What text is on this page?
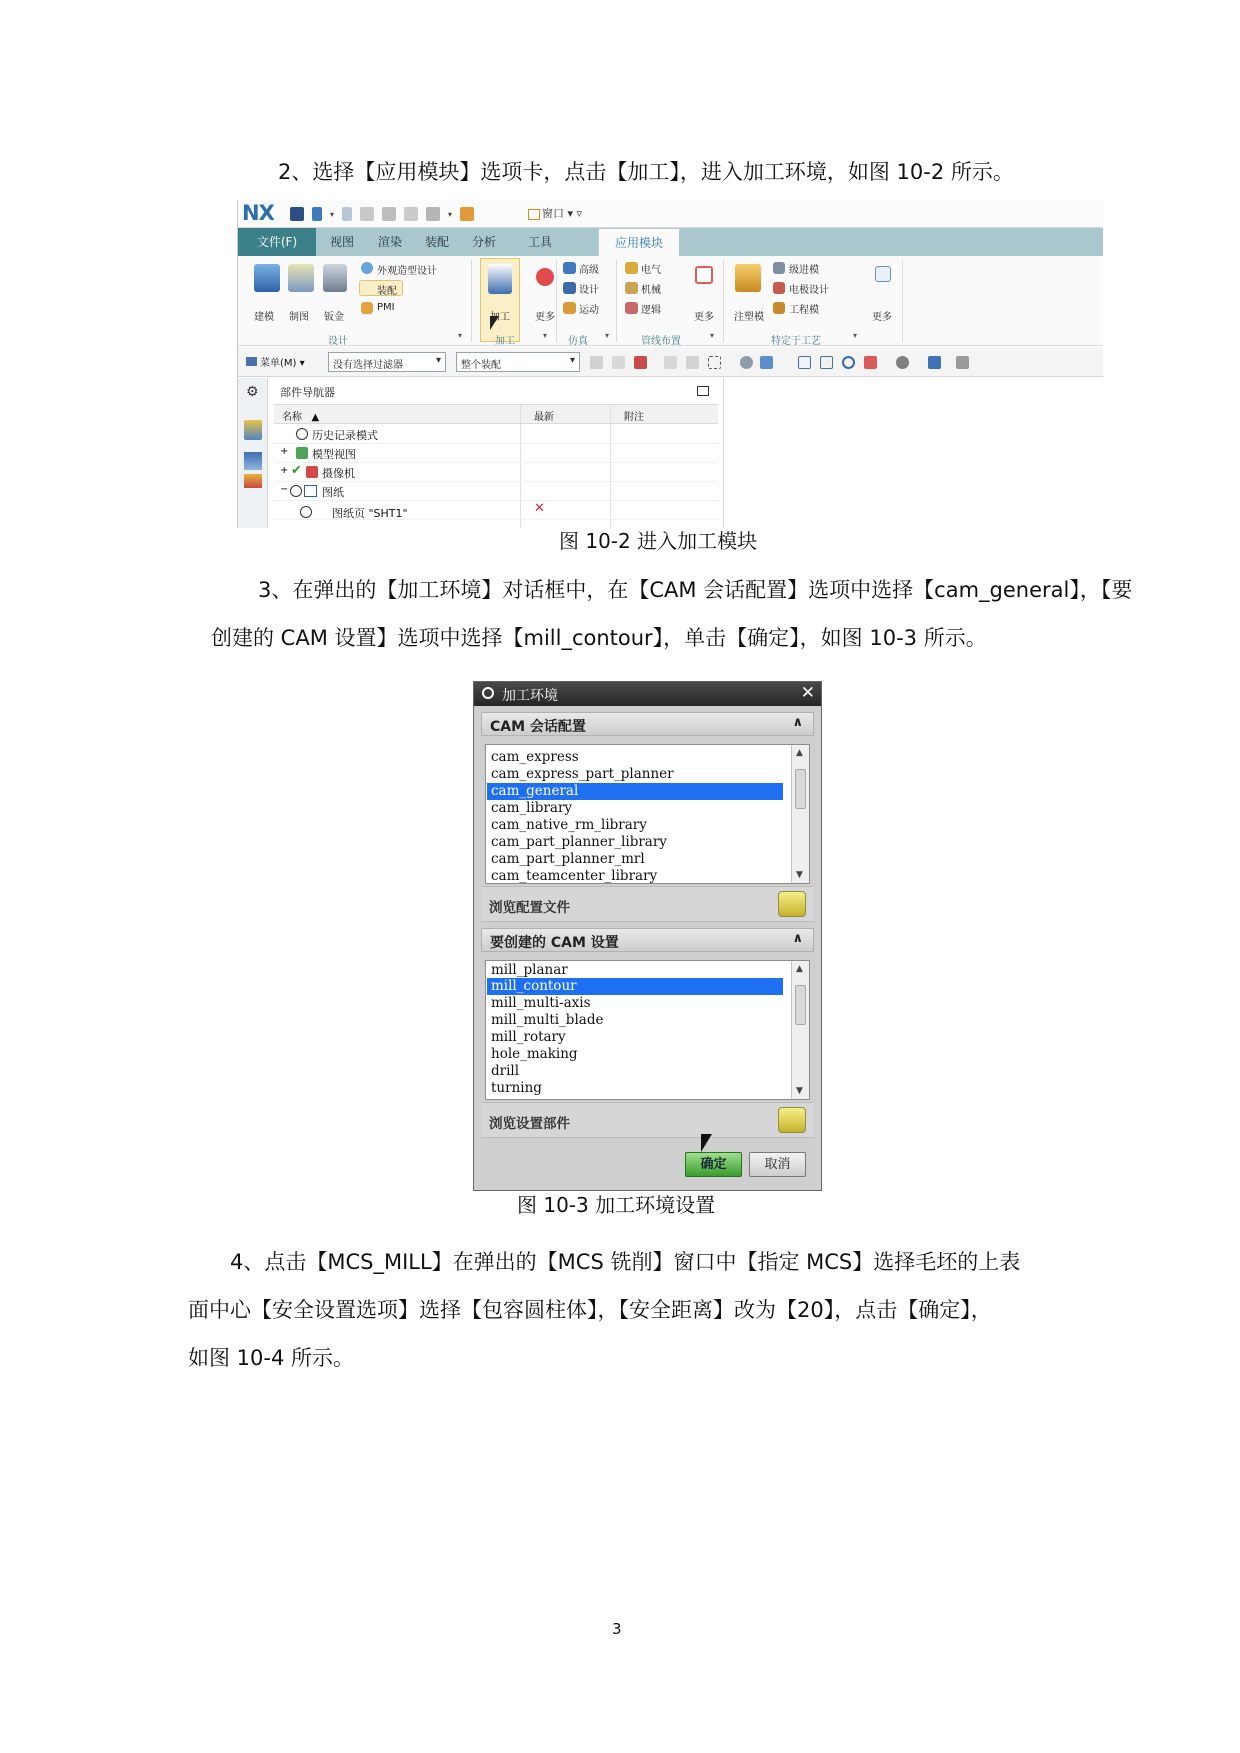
2、选择【应用模块】选项卡，点击【加工】，进入加工环境，如图 10-2 所示。
NX	▾	▾	窗口 ▾ ▿
文件(F)	视图 渲染 装配 分析	工具	应用模块
建模 制图 钣金
外观造型设计
装配
PMI
设计
▾
加工	更多
加工
▾
高级
设计
运动
仿真
▾
电气
机械
逻辑
更多
管线布置
▾
注塑模
级进模
电极设计
工程模
特定于工艺
▾
更多
菜单(M) ▾	没有选择过滤器 ▾	整个装配 ▾
⚙ 部件导航器
名称   ▲	最新	附注
历史记录模式
+ 模型视图
+ ✔ 摄像机
−	图纸
图纸页 "SHT1"	✕
图 10-2 进入加工模块
3、在弹出的【加工环境】对话框中，在【CAM 会话配置】选项中选择【cam_general】，【要
创建的 CAM 设置】选项中选择【mill_contour】，单击【确定】，如图 10-3 所示。
加工环境	✕
CAM 会话配置	∧
cam_express
cam_express_part_planner
cam_general
cam_library
cam_native_rm_library
cam_part_planner_library
cam_part_planner_mrl
cam_teamcenter_library
▲
▼
浏览配置文件
要创建的 CAM 设置	∧
mill_planar
mill_contour
mill_multi-axis
mill_multi_blade
mill_rotary
hole_making
drill
turning
▲
▼
浏览设置部件
确定	取消
图 10-3 加工环境设置
4、点击【MCS_MILL】在弹出的【MCS 铣削】窗口中【指定 MCS】选择毛坯的上表
面中心【安全设置选项】选择【包容圆柱体】，【安全距离】改为【20】，点击【确定】，
如图 10-4 所示。
3
